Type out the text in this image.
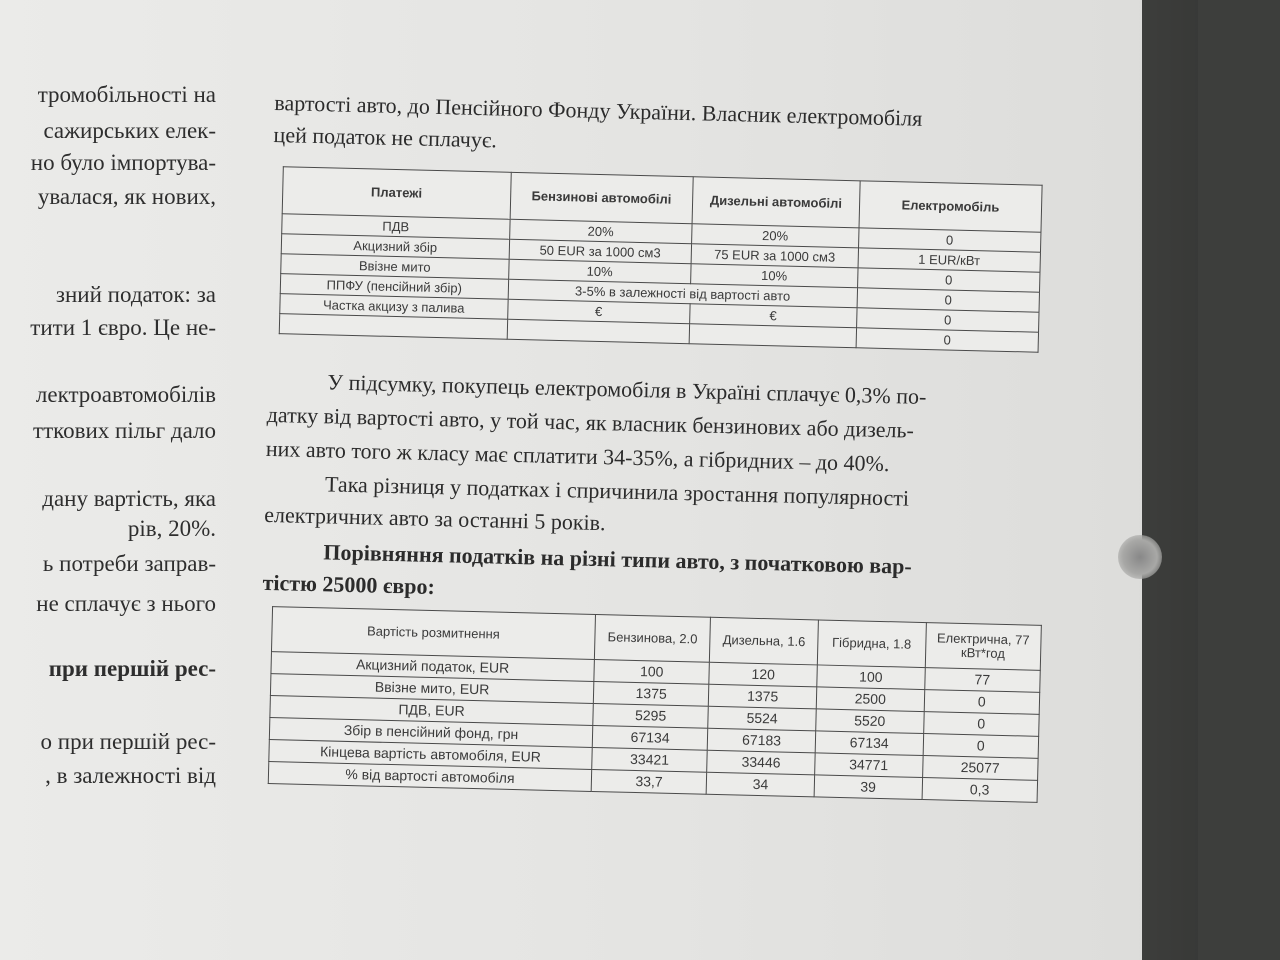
тромобільності на
сажирських елек-
но було імпортува-
увалася, як нових,
зний податок: за
тити 1 євро. Це не-
лектроавтомобілів
тткових пільг дало
дану вартість, яка
рів, 20%.
ь потреби заправ-
не сплачує з нього
при першій рес-
о при першій рес-
, в залежності від
вартості авто, до Пенсійного Фонду України. Власник електромобіля
цей податок не сплачує.
Платежі	Бензинові автомобілі	Дизельні автомобілі	Електромобіль
ПДВ	20%	20%	0
Акцизний збір	50 EUR за 1000 см3	75 EUR за 1000 см3	1 EUR/кВт
Ввізне мито	10%	10%	0
ППФУ (пенсійний збір)	3-5% в залежності від вартості авто		0
Частка акцизу з палива	€	€	0
			0
У підсумку, покупець електромобіля в Україні сплачує 0,3% по-
датку від вартості авто, у той час, як власник бензинових або дизель-
них авто того ж класу має сплатити 34-35%, а гібридних – до 40%.
Така різниця у податках і спричинила зростання популярності
електричних авто за останні 5 років.
Порівняння податків на різні типи авто, з початковою вар-
тістю 25000 євро:
Вартість розмитнення	Бензинова, 2.0	Дизельна, 1.6	Гібридна, 1.8	Електрична, 77 кВт*год
Акцизний податок, EUR	100	120	100	77
Ввізне мито, EUR	1375	1375	2500	0
ПДВ, EUR	5295	5524	5520	0
Збір в пенсійний фонд, грн	67134	67183	67134	0
Кінцева вартість автомобіля, EUR	33421	33446	34771	25077
% від вартості автомобіля	33,7	34	39	0,3
